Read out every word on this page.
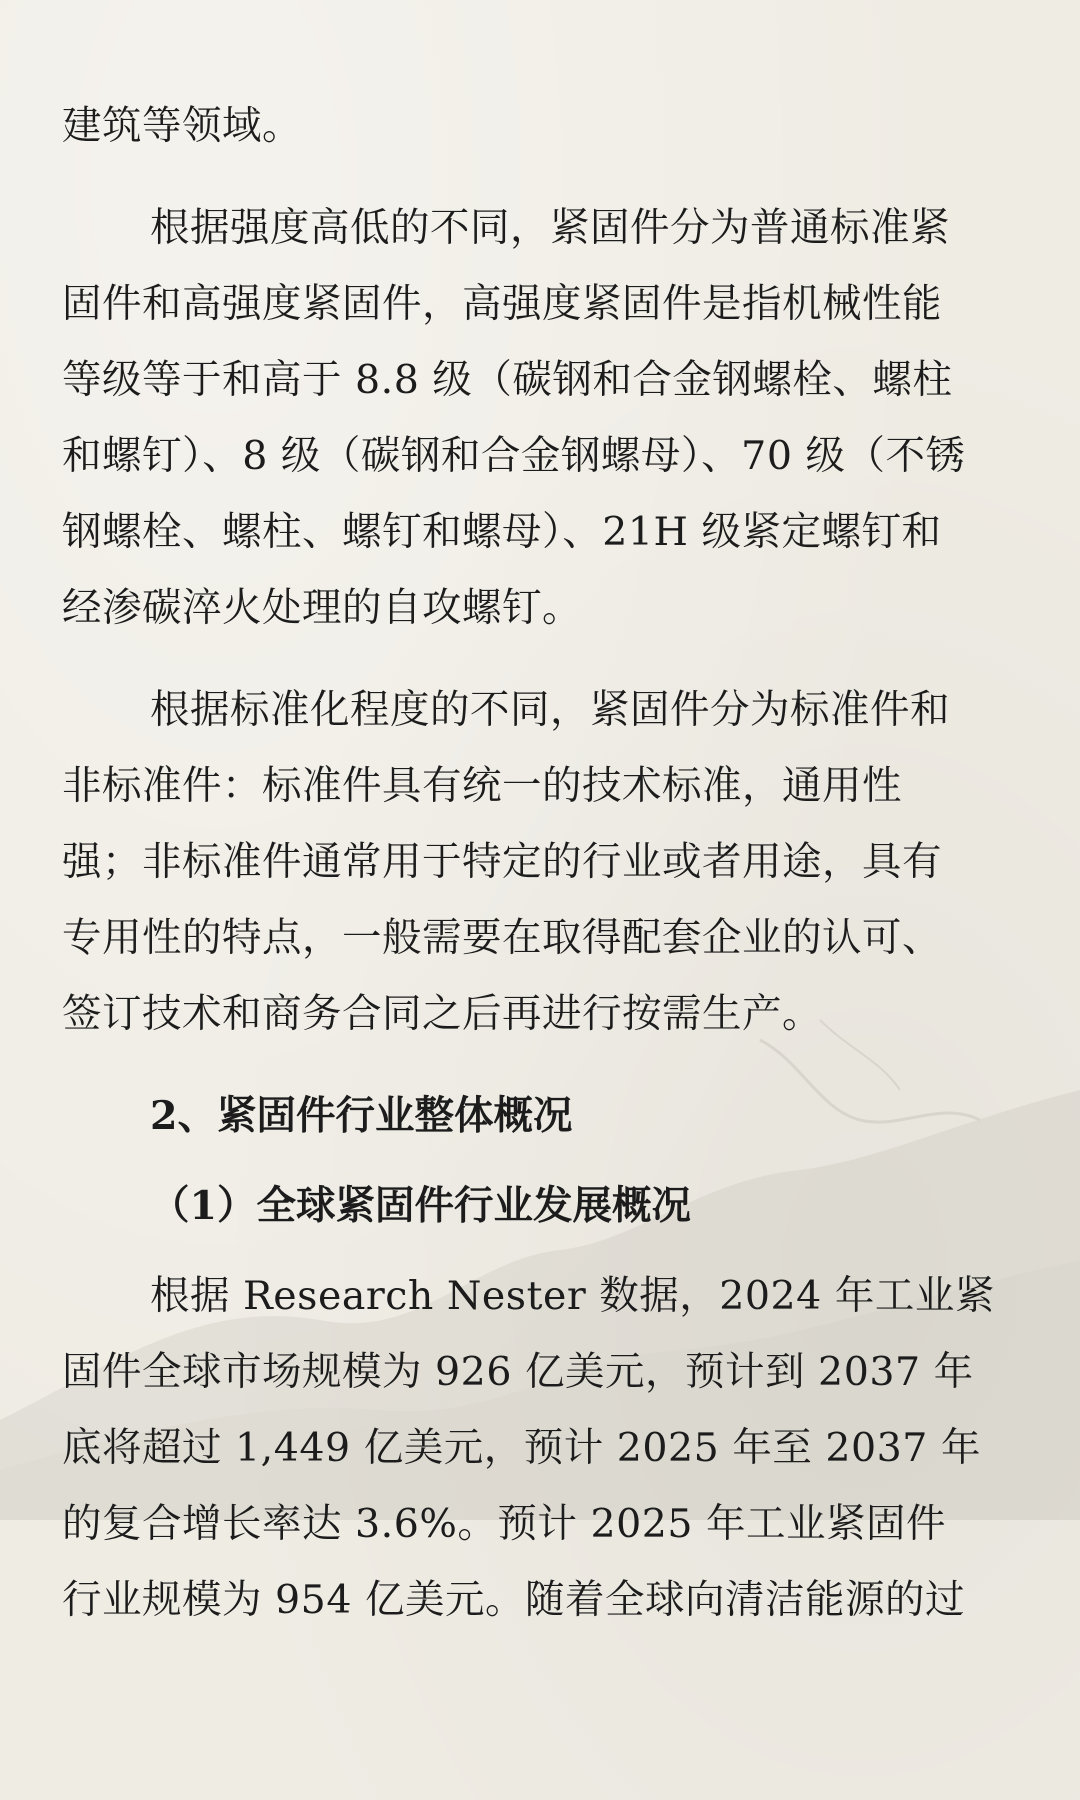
建筑等领域。

根据强度高低的不同，紧固件分为普通标准紧
固件和高强度紧固件，高强度紧固件是指机械性能
等级等于和高于 8.8 级（碳钢和合金钢螺栓、螺柱
和螺钉）、8 级（碳钢和合金钢螺母）、70 级（不锈
钢螺栓、螺柱、螺钉和螺母）、21H 级紧定螺钉和
经渗碳淬火处理的自攻螺钉。

根据标准化程度的不同，紧固件分为标准件和
非标准件：标准件具有统一的技术标准，通用性
强；非标准件通常用于特定的行业或者用途，具有
专用性的特点，一般需要在取得配套企业的认可、
签订技术和商务合同之后再进行按需生产。

2、紧固件行业整体概况
（1）全球紧固件行业发展概况

根据 Research Nester 数据，2024 年工业紧
固件全球市场规模为 926 亿美元，预计到 2037 年
底将超过 1,449 亿美元，预计 2025 年至 2037 年
的复合增长率达 3.6%。预计 2025 年工业紧固件
行业规模为 954 亿美元。随着全球向清洁能源的过
